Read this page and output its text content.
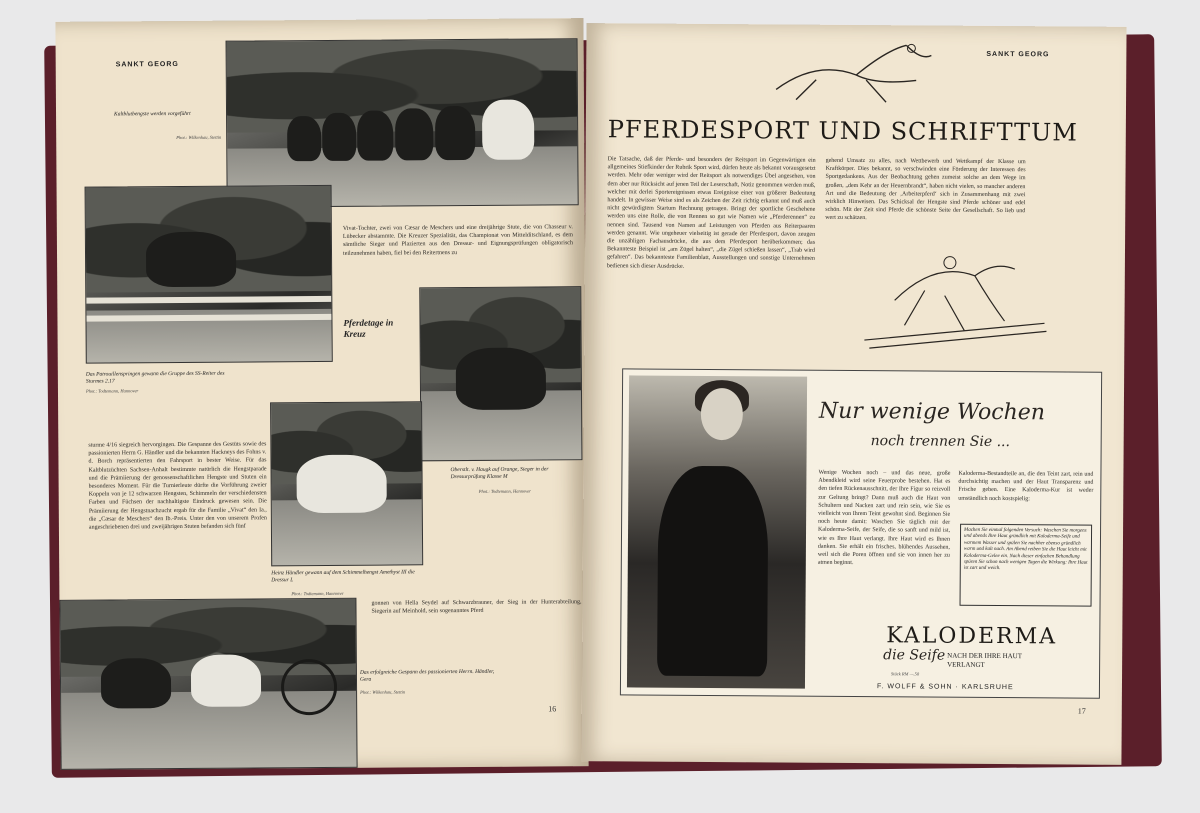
SANKT GEORG
Kaltblutbengste werden vorgeführt
Phot.: Wilkenhau, Stettin
Vivat-Tochter, zwei von Cæsar de Meschers und eine dreijährige Stute, die von Chasseur v. Lübecker abstammte. Die Kreuzer Spezialität, das Championat von Mittelditschland, es dem sämtliche Sieger und Plazierten aus den Dressur- und Eignungsprüfungen obligatorisch teilzunehmen haben, fiel bei den Reitertnens zu
Pferdetage in Kreuz
Das Patrouillenspringen gewann die Gruppe des SS-Reiter des Sturmes 2.17
Phot.: Todtemann, Hannover
Oberstlt. v. Haugk auf Orange, Sieger in der Dressurprüfung Klasse M
Phot.: Todtemann, Hannover
sturme 4/16 siegreich hervorgingen. Die Gespanne des Gestüts sowie des passionierten Herrn G. Händler und die bekannten Hackneys des Fohns v. d. Borch repräsentierten den Fahrsport in bester Weise. Für das Kaltblutzüchten Sachsen-Anhalt bestimmte natürlich die Hengstparade und die Prämiierung der genossenschaftlichen Hengste und Stuten ein besonderes Moment. Für die Turnierleute dürfte die Vorführung zweier Koppeln von je 12 schwarzen Hengsten, Schimmeln der verschiedensten Farben und Füchsen der nachhaltigste Eindruck gewesen sein. Die Prämiierung der Hengstnachzucht ergab für die Familie „Vivat“ den Ia., die „Cæsar de Meschers“ den Ib.-Preis. Unter den von unserem Profen angeschriebenen drei und zweijährigen Stuten befanden sich fünf
Heinz Händler gewann auf dem Schimmelhengst Amethyst III die Dressur L
Phot.: Todtemann, Hannover
gonnen von Hella Seydel auf Schwarzbrauner, der Sieg in der Hunterabteilung, Siegerin auf Meinhold, sein sogenanntes Pferd
Das erfolgreiche Gespann des passionierten Herrn. Händler, Gera
Phot.: Wilkenhau, Stettin
16
SANKT GEORG
PFERDESPORT UND SCHRIFTTUM
Die Tatsache, daß der Pferde- und besonders der Reitsport im Gegenwärtigen ein allgemeines Stiefkinder der Rubrik Sport wird, dürfen heute als bekannt vorausgesetzt werden. Mehr oder weniger wird der Reitsport als notwendiges Übel angesehen, von dem aber nur Rücksicht auf jenen Teil der Leserschaft, Notiz genommen werden muß, welcher mit derlei Sportereignissen etwas Ereignisse einer von größerer Bedeutung handelt. In gewisser Weise sind es als Zeichen der Zeit richtig erkannt und muß auch nicht gewürdigtem Startum Rechnung getragen. Bringt der sportliche Geschehene werden uns eine Rolle, die von Rennen so gut wie Namen wie „Pferderennen“ zu nennen sind. Tausend von Namen auf Leistungen von Pferden aus Reiterpaaren werden genannt. Wie ungeheuer vielseitig ist gerade der Pferdesport, davon zeugen die unzähligen Fachausdrücke, die aus dem Pferdesport herüberkommen; das Bekannteste Beispiel ist „am Zügel halten“, „die Zügel schießen lassen“, „Trab wird gefahren“. Das bekannteste Familienblatt, Ausstellungen und sonstige Unternehmen bedienen sich dieser Ausdrücke.
gehend Umsatz zu alles, nach Wettbewerb und Wettkampf der Klasse um Kraftkörper. Dies bekannt, so verschwinden eine Förderung der Interessen des Sportgedankens. Aus der Beobachtung gehen zumeist solche an dem Wege im großen, „dem Kehr an der Heuernbrandt“, haben nicht vielen, so mancher anderen Art und die Bedeutung der ‚Arbeiterpferd‘ sich in Zusammenhang mit zwei wirklich Hinweisen. Das Schicksal der Hengste sind Pferde schöner und edel schön. Mit der Zeit sind Pferde die schönste Seite der Gesellschaft. So lieb und wert zu schätzen.
Nur wenige Wochen
noch trennen Sie ...
Wenige Wochen noch – und das neue, große Abendkleid wird seine Feuerprobe bestehen. Hat es den tiefen Rückenausschnitt, der Ihre Figur so reizvoll zur Geltung bringt? Dann muß auch die Haut von Schultern und Nacken zart und rein sein, wie Sie es vielleicht von Ihrem Teint gewohnt sind. Beginnen Sie noch heute damit: Waschen Sie täglich mit der Kaloderma-Seife, der Seife, die so sanft und mild ist, wie es Ihre Haut verlangt. Ihre Haut wird es Ihnen danken. Sie erhält ein frisches, blühendes Aussehen, weil sich die Poren öffnen und sie von innen her zu atmen beginnt.
Kaloderma-Bestandteile an, die den Teint zart, rein und durchsichtig machen und der Haut Transparenz und Frische geben. Eine Kaloderma-Kur ist weder umständlich noch kostspielig:
Machen Sie einmal folgenden Versuch: Waschen Sie morgens und abends Ihre Haut gründlich mit Kaloderma-Seife und warmem Wasser und spülen Sie nachher ebenso gründlich warm und kalt nach. Am Abend reiben Sie die Haut leicht mit Kaloderma-Gelee ein. Nach dieser einfachen Behandlung spüren Sie schon nach wenigen Tagen die Wirkung: Ihre Haut ist zart und weich.
KALODERMA
die Seife NACH DER IHRE HAUT VERLANGT
Stück RM —.50
F. WOLFF & SOHN · KARLSRUHE
17
